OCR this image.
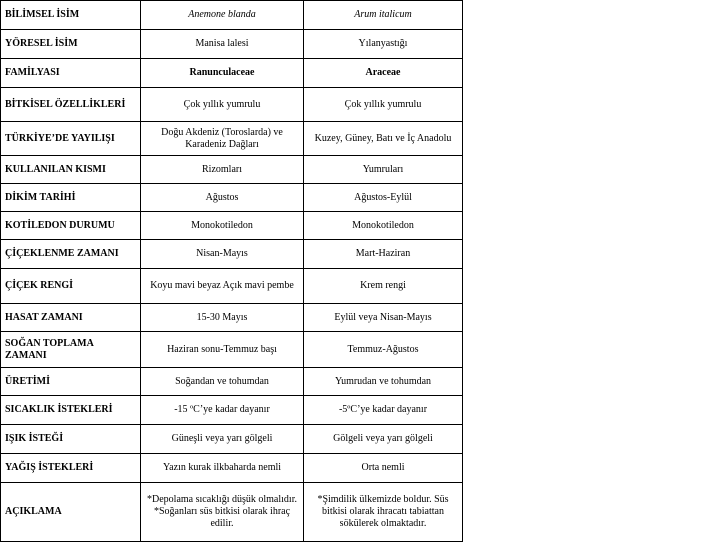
BİLİMSEL İSİM	Anemone blanda	Arum italicum
YÖRESEL İSİM	Manisa lalesi	Yılanyastığı
FAMİLYASI	Ranunculaceae	Araceae
BİTKİSEL ÖZELLİKLERİ	Çok yıllık yumrulu	Çok yıllık yumrulu
TÜRKİYE’DE YAYILIŞI	Doğu Akdeniz (Toroslarda) ve Karadeniz Dağları	Kuzey, Güney, Batı ve İç Anadolu
KULLANILAN KISMI	Rizomları	Yumruları
DİKİM TARİHİ	Ağustos	Ağustos-Eylül
KOTİLEDON DURUMU	Monokotiledon	Monokotiledon
ÇİÇEKLENME ZAMANI	Nisan-Mayıs	Mart-Haziran
ÇİÇEK RENGİ	Koyu mavi beyaz Açık mavi pembe	Krem rengi
HASAT ZAMANI	15-30 Mayıs	Eylül veya Nisan-Mayıs
SOĞAN TOPLAMA ZAMANI	Haziran sonu-Temmuz başı	Temmuz-Ağustos
ÜRETİMİ	Soğandan ve tohumdan	Yumrudan ve tohumdan
SICAKLIK İSTEKLERİ	-15 ºC’ye kadar dayanır	-5ºC’ye kadar dayanır
IŞIK İSTEĞİ	Güneşli veya yarı gölgeli	Gölgeli veya yarı gölgeli
YAĞIŞ İSTEKLERİ	Yazın kurak ilkbaharda nemli	Orta nemli
AÇIKLAMA	*Depolama sıcaklığı düşük olmalıdır. *Soğanları süs bitkisi olarak ihraç edilir.	*Şimdilik ülkemizde boldur. Süs bitkisi olarak ihracatı tabiattan sökülerek olmaktadır.
